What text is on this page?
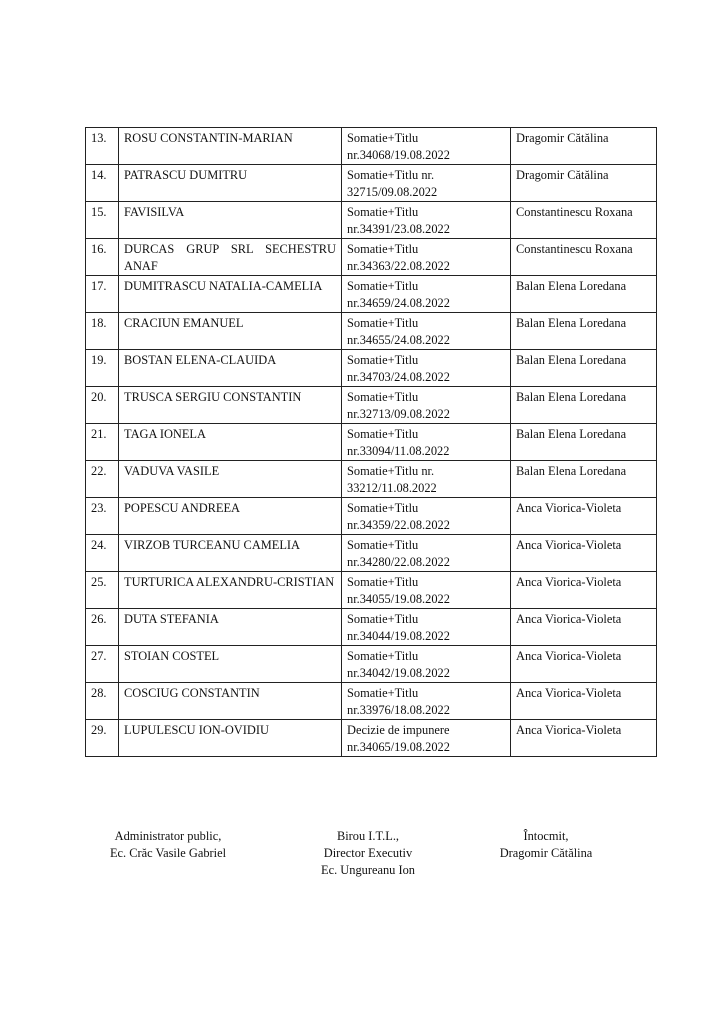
13.	ROSU CONSTANTIN-MARIAN	Somatie+Titlu nr.34068/19.08.2022	Dragomir Cătălina
14.	PATRASCU DUMITRU	Somatie+Titlu nr. 32715/09.08.2022	Dragomir Cătălina
15.	FAVISILVA	Somatie+Titlu nr.34391/23.08.2022	Constantinescu Roxana
16.	DURCAS GRUP SRL SECHESTRU ANAF	Somatie+Titlu nr.34363/22.08.2022	Constantinescu Roxana
17.	DUMITRASCU NATALIA-CAMELIA	Somatie+Titlu nr.34659/24.08.2022	Balan Elena Loredana
18.	CRACIUN EMANUEL	Somatie+Titlu nr.34655/24.08.2022	Balan Elena Loredana
19.	BOSTAN ELENA-CLAUIDA	Somatie+Titlu nr.34703/24.08.2022	Balan Elena Loredana
20.	TRUSCA SERGIU CONSTANTIN	Somatie+Titlu nr.32713/09.08.2022	Balan Elena Loredana
21.	TAGA IONELA	Somatie+Titlu nr.33094/11.08.2022	Balan Elena Loredana
22.	VADUVA VASILE	Somatie+Titlu nr. 33212/11.08.2022	Balan Elena Loredana
23.	POPESCU ANDREEA	Somatie+Titlu nr.34359/22.08.2022	Anca Viorica-Violeta
24.	VIRZOB TURCEANU CAMELIA	Somatie+Titlu nr.34280/22.08.2022	Anca Viorica-Violeta
25.	TURTURICA ALEXANDRU-CRISTIAN	Somatie+Titlu nr.34055/19.08.2022	Anca Viorica-Violeta
26.	DUTA STEFANIA	Somatie+Titlu nr.34044/19.08.2022	Anca Viorica-Violeta
27.	STOIAN COSTEL	Somatie+Titlu nr.34042/19.08.2022	Anca Viorica-Violeta
28.	COSCIUG CONSTANTIN	Somatie+Titlu nr.33976/18.08.2022	Anca Viorica-Violeta
29.	LUPULESCU ION-OVIDIU	Decizie de impunere nr.34065/19.08.2022	Anca Viorica-Violeta
Administrator public,
Ec. Crăc Vasile Gabriel
Birou I.T.L.,
Director Executiv
Ec. Ungureanu Ion
Întocmit,
Dragomir Cătălina
